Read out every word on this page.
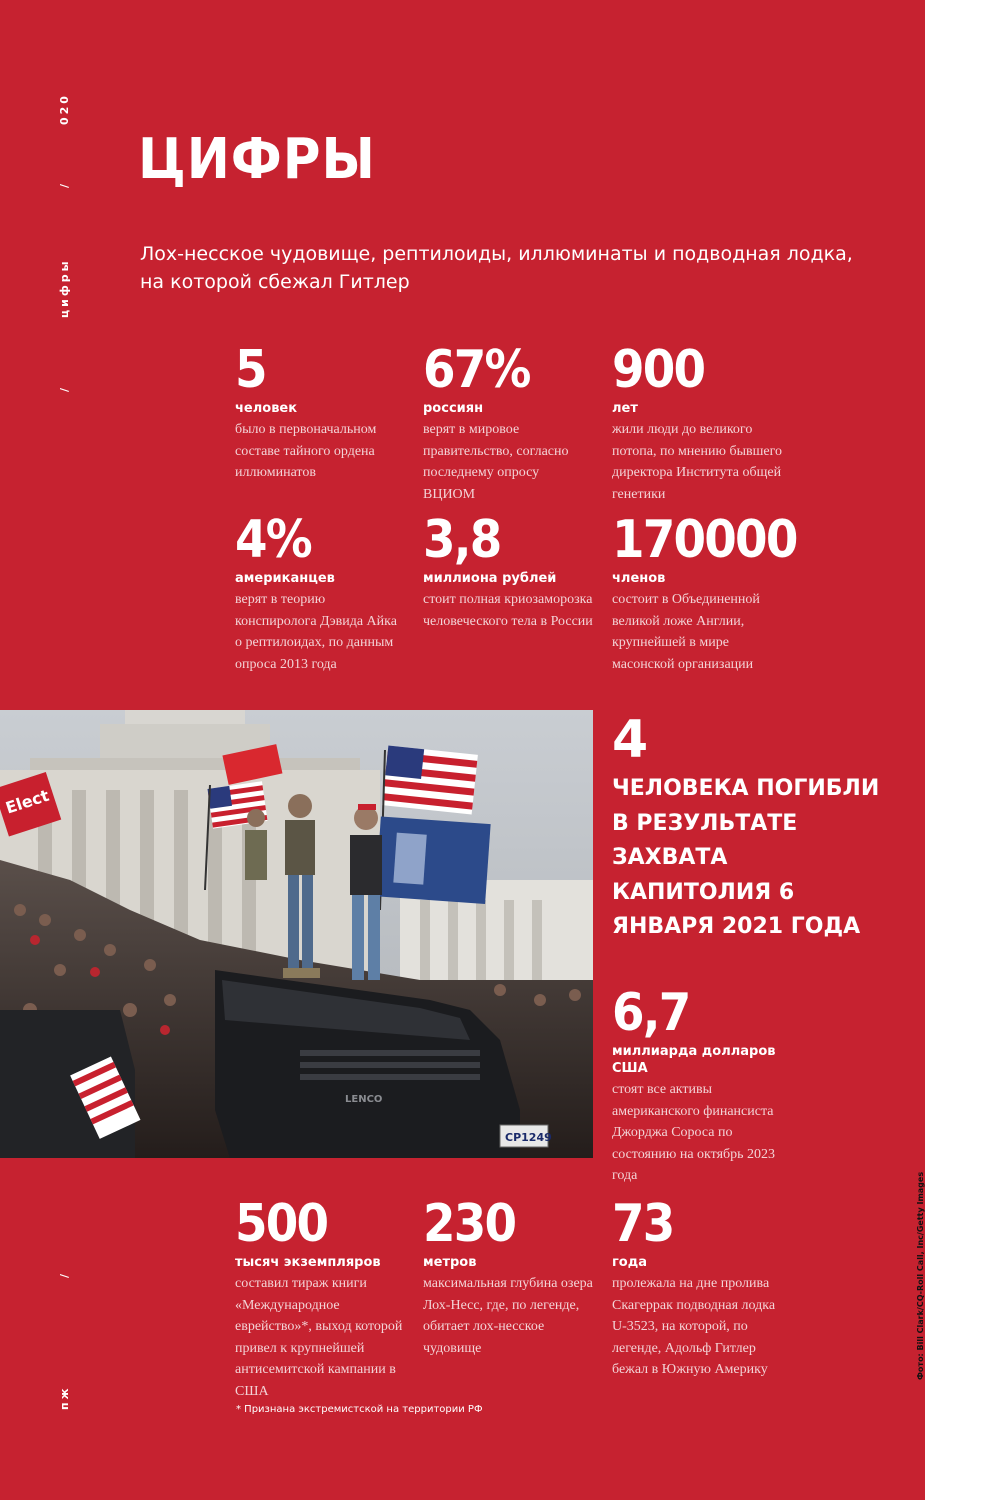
020
/
цифры
/
/
пж
ЦИФРЫ
Лох-несское чудовище, рептилоиды, иллюминаты и подводная лодка, на которой сбежал Гитлер
5
человек
было в первоначальном составе тайного ордена иллюминатов
67%
россиян
верят в мировое правительство, согласно последнему опросу ВЦИОМ
900
лет
жили люди до великого потопа, по мнению бывшего директора Института общей генетики
4%
американцев
верят в теорию конспиролога Дэвида Айка о рептилоидах, по данным опроса 2013 года
3,8
миллиона рублей
стоит полная криозаморозка человеческого тела в России
170000
членов
состоит в Объединенной великой ложе Англии, крупнейшей в мире масонской организации
Elect
LENCO
CP1249
4
ЧЕЛОВЕКА ПОГИБЛИ В РЕЗУЛЬТАТЕ ЗАХВАТА КАПИТОЛИЯ 6 ЯНВАРЯ 2021 ГОДА
6,7
миллиарда долларов США
стоят все активы американского финансиста Джорджа Сороса по состоянию на октябрь 2023 года
500
тысяч экземпляров
составил тираж книги «Международное еврейство»*, выход которой привел к крупнейшей антисемитской кампании в США
230
метров
максимальная глубина озера Лох-Несс, где, по легенде, обитает лох-несское чудовище
73
года
пролежала на дне пролива Скагеррак подводная лодка U-3523, на которой, по легенде, Адольф Гитлер бежал в Южную Америку
* Признана экстремистской на территории РФ
Фото: Bill Clark/CQ-Roll Call, Inc/Getty Images
